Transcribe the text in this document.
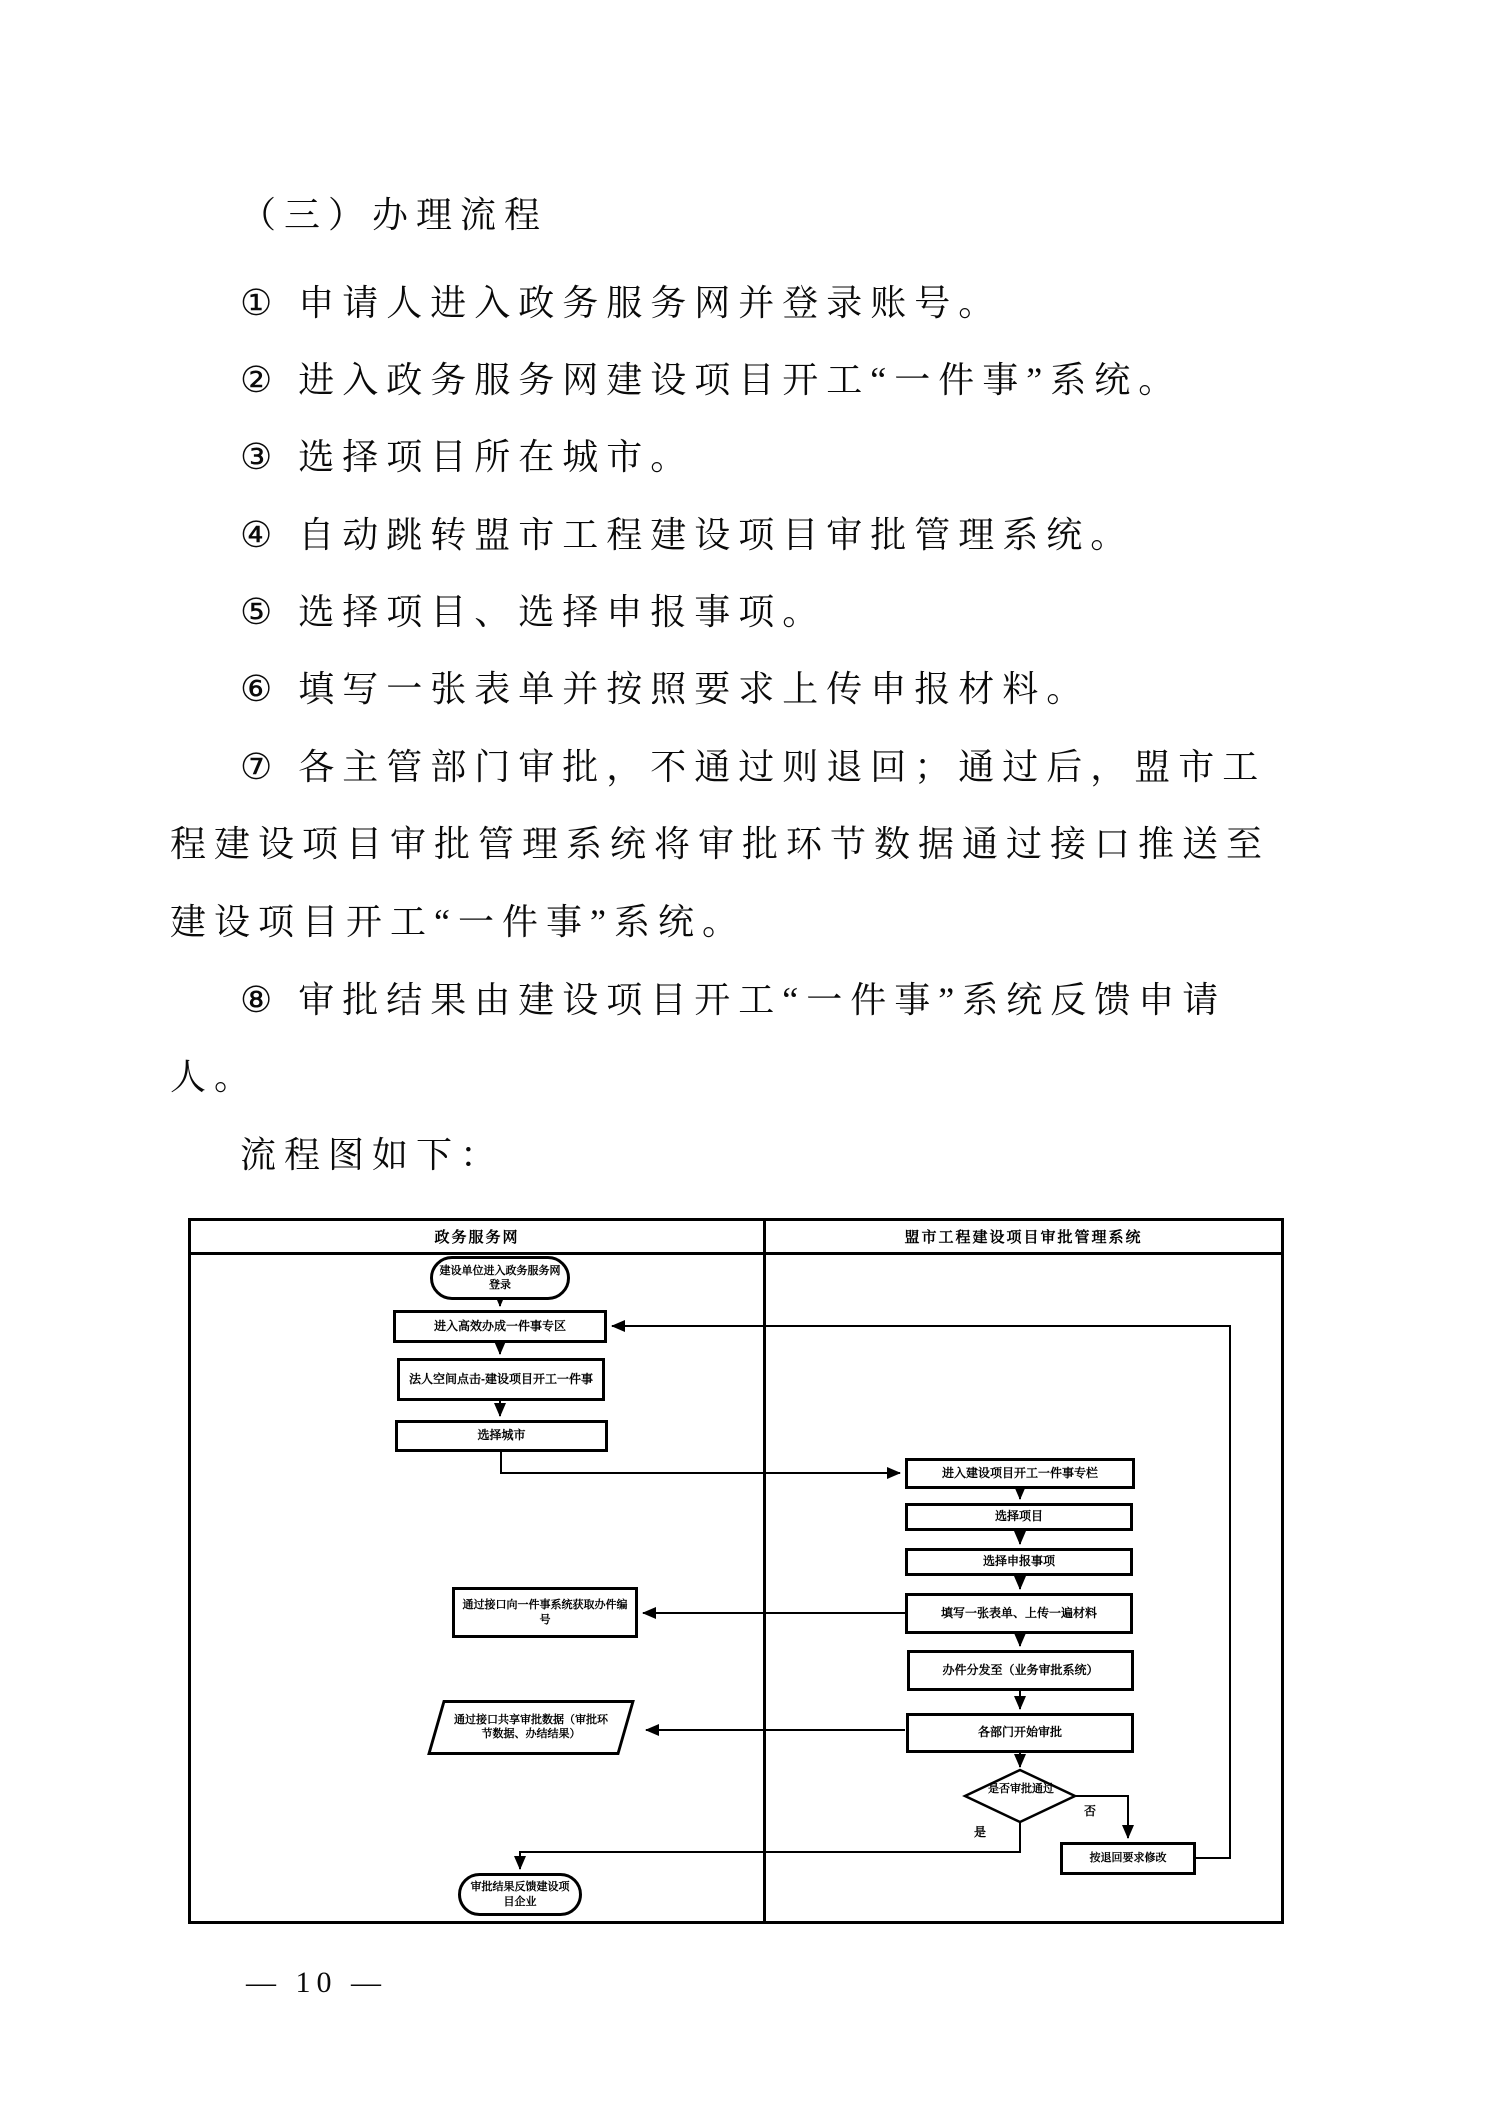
（三）办理流程
① 申请人进入政务服务网并登录账号。
② 进入政务服务网建设项目开工“一件事”系统。
③ 选择项目所在城市。
④ 自动跳转盟市工程建设项目审批管理系统。
⑤ 选择项目、选择申报事项。
⑥ 填写一张表单并按照要求上传申报材料。
⑦ 各主管部门审批，不通过则退回；通过后，盟市工
程建设项目审批管理系统将审批环节数据通过接口推送至
建设项目开工“一件事”系统。
⑧ 审批结果由建设项目开工“一件事”系统反馈申请
人。
流程图如下：
政务服务网	盟市工程建设项目审批管理系统
建设单位进入政务服务网登录
进入高效办成一件事专区
法人空间点击-建设项目开工一件事
选择城市
通过接口向一件事系统获取办件编号
通过接口共享审批数据（审批环节数据、办结结果）
审批结果反馈建设项目企业
进入建设项目开工一件事专栏
选择项目
选择申报事项
填写一张表单、上传一遍材料
办件分发至（业务审批系统）
各部门开始审批
是否审批通过
按退回要求修改
否
是
— 10 —
